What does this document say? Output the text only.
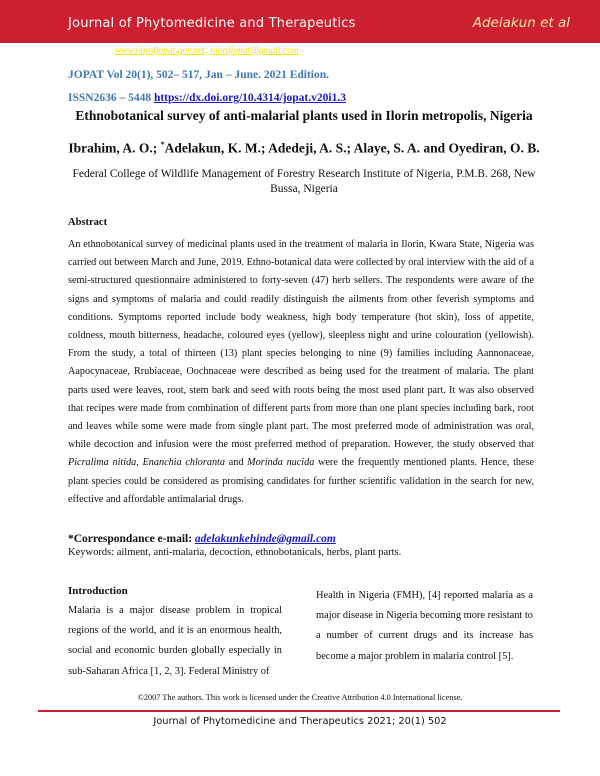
Journal of Phytomedicine and Therapeutics	Adelakun et al
www.niprdjopat.gov.net; niprdjopat@gmail.com
JOPAT Vol 20(1), 502– 517, Jan – June. 2021 Edition.
ISSN2636 – 5448 https://dx.doi.org/10.4314/jopat.v20i1.3
Ethnobotanical survey of anti-malarial plants used in Ilorin metropolis, Nigeria
Ibrahim, A. O.; *Adelakun, K. M.; Adedeji, A. S.; Alaye, S. A. and Oyediran, O. B.
Federal College of Wildlife Management of Forestry Research Institute of Nigeria, P.M.B. 268, New Bussa, Nigeria
Abstract
An ethnobotanical survey of medicinal plants used in the treatment of malaria in Ilorin, Kwara State, Nigeria was carried out between March and June, 2019. Ethno-botanical data were collected by oral interview with the aid of a semi-structured questionnaire administered to forty-seven (47) herb sellers. The respondents were aware of the signs and symptoms of malaria and could readily distinguish the ailments from other feverish symptoms and conditions. Symptoms reported include body weakness, high body temperature (hot skin), loss of appetite, coldness, mouth bitterness, headache, coloured eyes (yellow), sleepless night and urine colouration (yellowish). From the study, a total of thirteen (13) plant species belonging to nine (9) families including Aannonaceae, Aapocynaceae, Rrubiaceae, Oochnaceae were described as being used for the treatment of malaria. The plant parts used were leaves, root, stem bark and seed with roots being the most used plant part. It was also observed that recipes were made from combination of different parts from more than one plant species including bark, root and leaves while some were made from single plant part. The most preferred mode of administration was oral, while decoction and infusion were the most preferred method of preparation. However, the study observed that Picralima nitida, Enanchia chloranta and Morinda nucida were the frequently mentioned plants. Hence, these plant species could be considered as promising candidates for further scientific validation in the search for new, effective and affordable antimalarial drugs.
*Correspondance e-mail: adelakunkehinde@gmail.com
Keywords: ailment, anti-malaria, decoction, ethnobotanicals, herbs, plant parts.
Introduction

Malaria is a major disease problem in tropical regions of the world, and it is an enormous health, social and economic burden globally especially in sub-Saharan Africa [1, 2, 3]. Federal Ministry of

Health in Nigeria (FMH), [4] reported malaria as a major disease in Nigeria becoming more resistant to a number of current drugs and its increase has become a major problem in malaria control [5].

©2007 The authors. This work is licensed under the Creative Attribution 4.0 International license.
Journal of Phytomedicine and Therapeutics 2021; 20(1) 502
